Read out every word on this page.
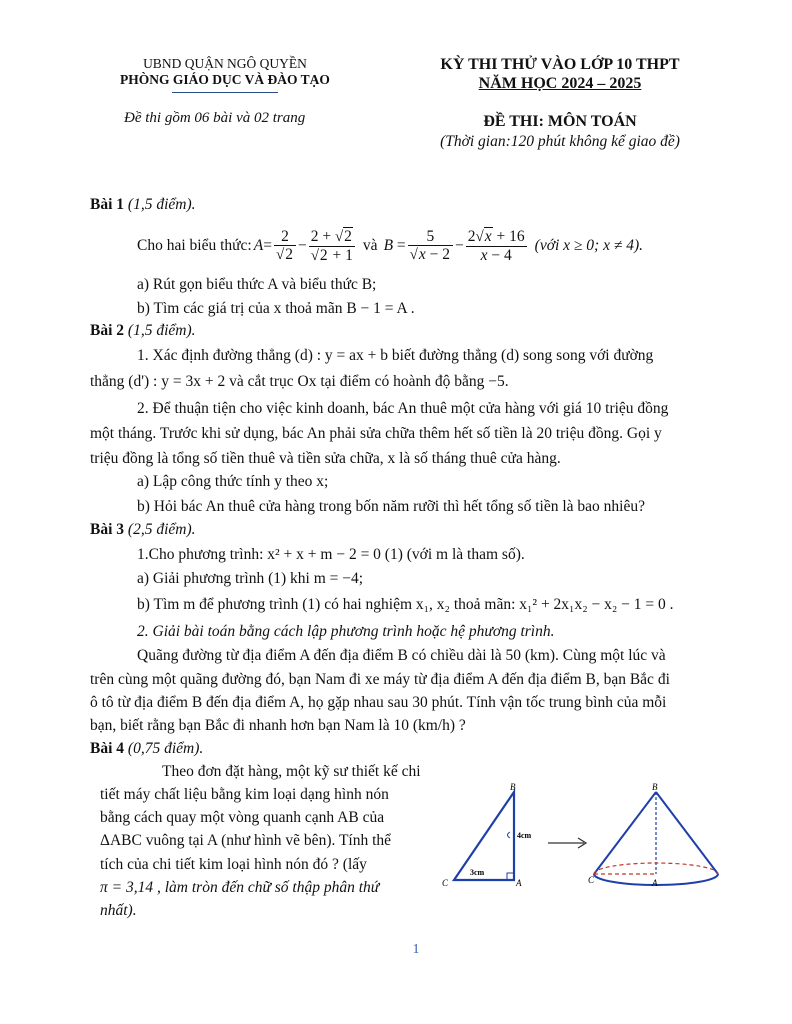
UBND QUẬN NGÔ QUYỀN
PHÒNG GIÁO DỤC VÀ ĐÀO TẠO
Đề thi gồm 06 bài và 02 trang
KỲ THI THỬ VÀO LỚP 10 THPT
NĂM HỌC 2024 – 2025
ĐỀ THI: MÔN TOÁN
(Thời gian:120 phút không kể giao đề)
Bài 1 (1,5 điểm).
Cho hai biểu thức: $A = \frac{2}{√2} - \frac{2 + √2}{√2 + 1}$ và $B = \frac{5}{√x - 2} - \frac{2√x + 16}{x - 4}$ (với x ≥ 0; x ≠ 4).
a) Rút gọn biểu thức A và biểu thức B;
b) Tìm các giá trị của x thoả mãn B − 1 = A .
Bài 2 (1,5 điểm).
1. Xác định đường thẳng (d) : y = ax + b biết đường thẳng (d) song song với đường
thẳng (d') : y = 3x + 2 và cắt trục Ox tại điểm có hoành độ bằng −5.
2. Để thuận tiện cho việc kinh doanh, bác An thuê một cửa hàng với giá 10 triệu đồng
một tháng. Trước khi sử dụng, bác An phải sửa chữa thêm hết số tiền là 20 triệu đồng. Gọi y
triệu đồng là tổng số tiền thuê và tiền sửa chữa, x là số tháng thuê cửa hàng.
a) Lập công thức tính y theo x;
b) Hỏi bác An thuê cửa hàng trong bốn năm rưỡi thì hết tổng số tiền là bao nhiêu?
Bài 3 (2,5 điểm).
1.Cho phương trình: x² + x + m − 2 = 0 (1) (với m là tham số).
a) Giải phương trình (1) khi m = −4;
b) Tìm m để phương trình (1) có hai nghiệm x₁, x₂ thoả mãn: x₁² + 2x₁x₂ − x₂ − 1 = 0 .
2. Giải bài toán bằng cách lập phương trình hoặc hệ phương trình.
Quãng đường từ địa điểm A đến địa điểm B có chiều dài là 50 (km). Cùng một lúc và
trên cùng một quãng đường đó, bạn Nam đi xe máy từ địa điểm A đến địa điểm B, bạn Bắc đi
ô tô từ địa điểm B đến địa điểm A, họ gặp nhau sau 30 phút. Tính vận tốc trung bình của mỗi
bạn, biết rằng bạn Bắc đi nhanh hơn bạn Nam là 10 (km/h) ?
Bài 4 (0,75 điểm).
Theo đơn đặt hàng, một kỹ sư thiết kế chi
tiết máy chất liệu bằng kim loại dạng hình nón
bằng cách quay một vòng quanh cạnh AB của
ΔABC vuông tại A (như hình vẽ bên). Tính thể
tích của chi tiết kim loại hình nón đó ? (lấy
π = 3,14 , làm tròn đến chữ số thập phân thứ
nhất).
B
A
C
4cm
3cm
B
A
C
1
